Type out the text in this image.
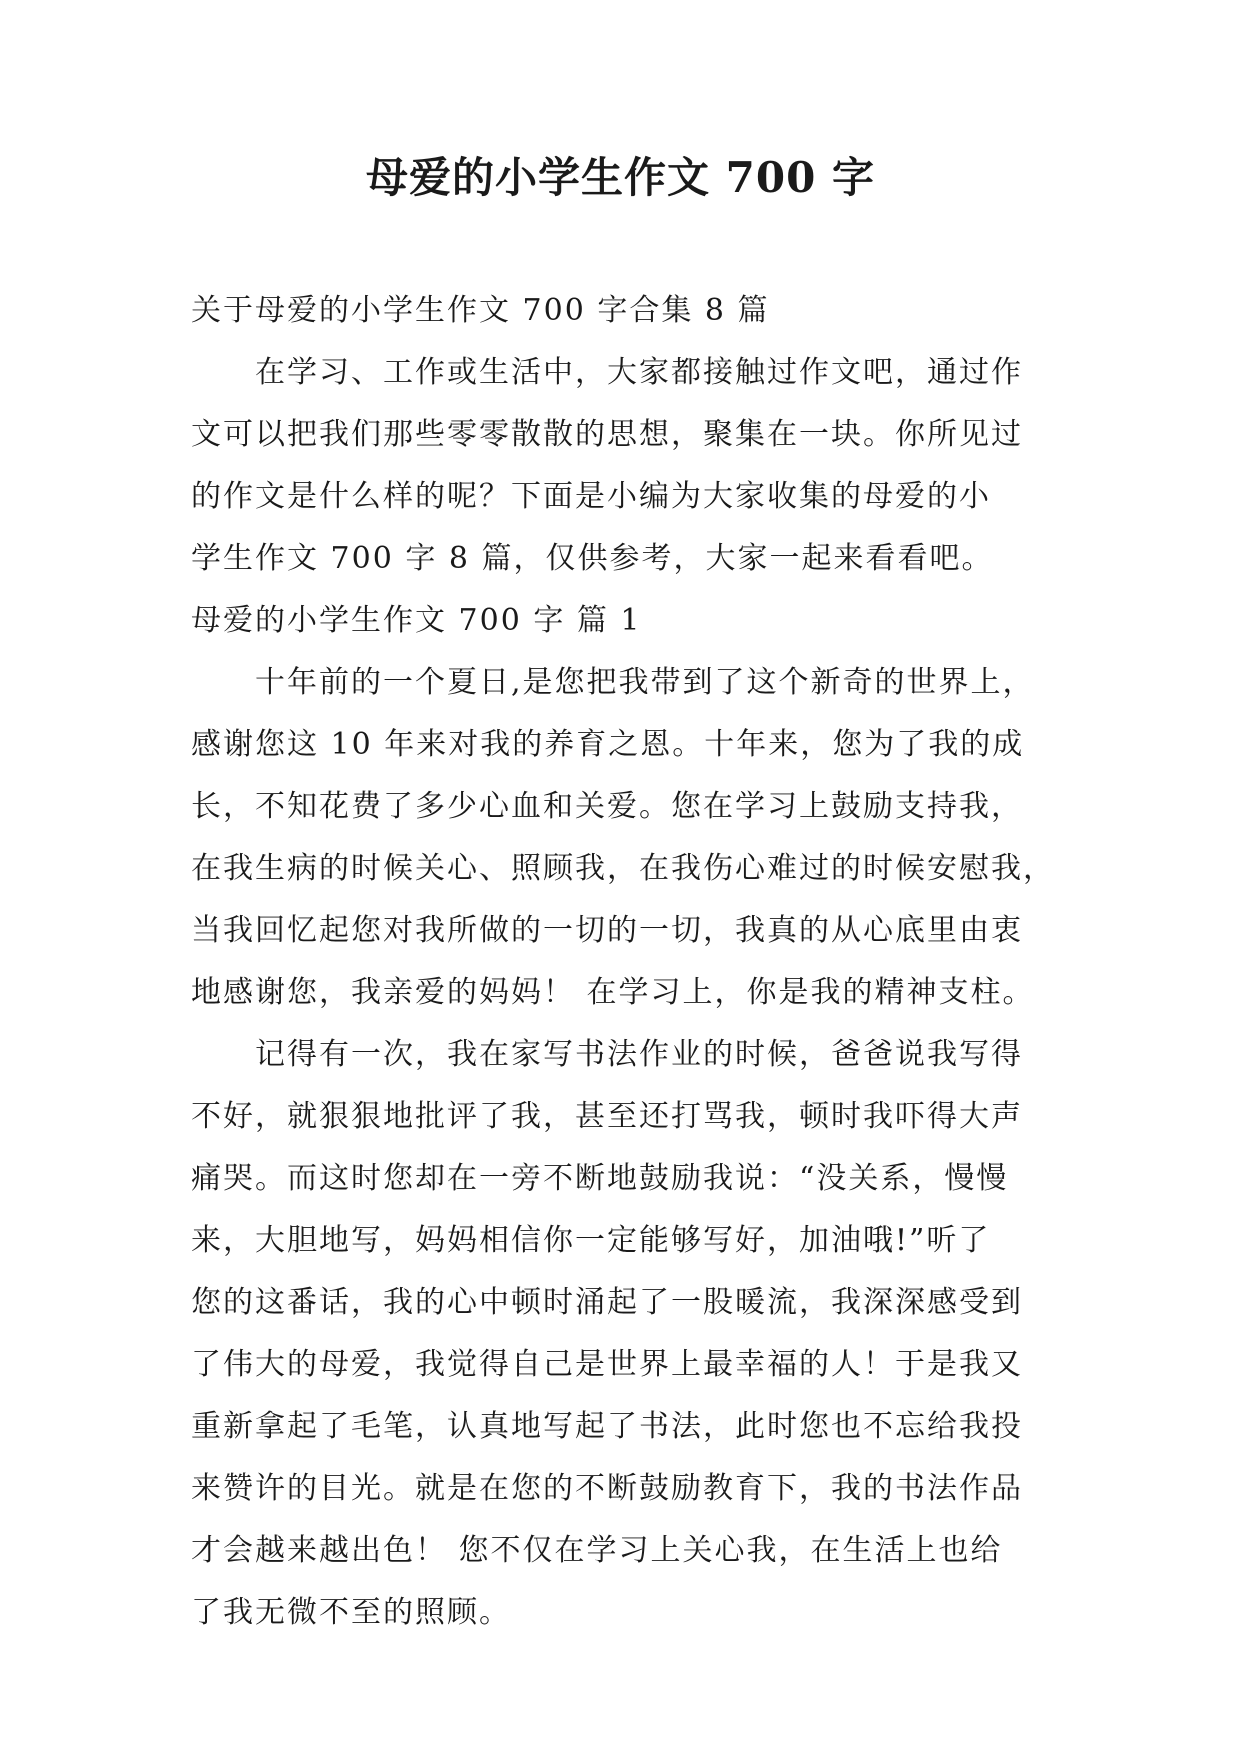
母爱的小学生作文 700 字

关于母爱的小学生作文 700 字合集 8 篇

在学习、工作或生活中，大家都接触过作文吧，通过作

文可以把我们那些零零散散的思想，聚集在一块。你所见过

的作文是什么样的呢？下面是小编为大家收集的母爱的小

学生作文 700 字 8 篇，仅供参考，大家一起来看看吧。

母爱的小学生作文 700 字 篇 1

十年前的一个夏日,是您把我带到了这个新奇的世界上，

感谢您这 10 年来对我的养育之恩。十年来，您为了我的成

长，不知花费了多少心血和关爱。您在学习上鼓励支持我，

在我生病的时候关心、照顾我，在我伤心难过的时候安慰我，

当我回忆起您对我所做的一切的一切，我真的从心底里由衷

地感谢您，我亲爱的妈妈！ 在学习上，你是我的精神支柱。

记得有一次，我在家写书法作业的时候，爸爸说我写得

不好，就狠狠地批评了我，甚至还打骂我，顿时我吓得大声

痛哭。而这时您却在一旁不断地鼓励我说：“没关系，慢慢

来，大胆地写，妈妈相信你一定能够写好，加油哦!”听了

您的这番话，我的心中顿时涌起了一股暖流，我深深感受到

了伟大的母爱，我觉得自己是世界上最幸福的人！于是我又

重新拿起了毛笔，认真地写起了书法，此时您也不忘给我投

来赞许的目光。就是在您的不断鼓励教育下，我的书法作品

才会越来越出色！ 您不仅在学习上关心我，在生活上也给

了我无微不至的照顾。
